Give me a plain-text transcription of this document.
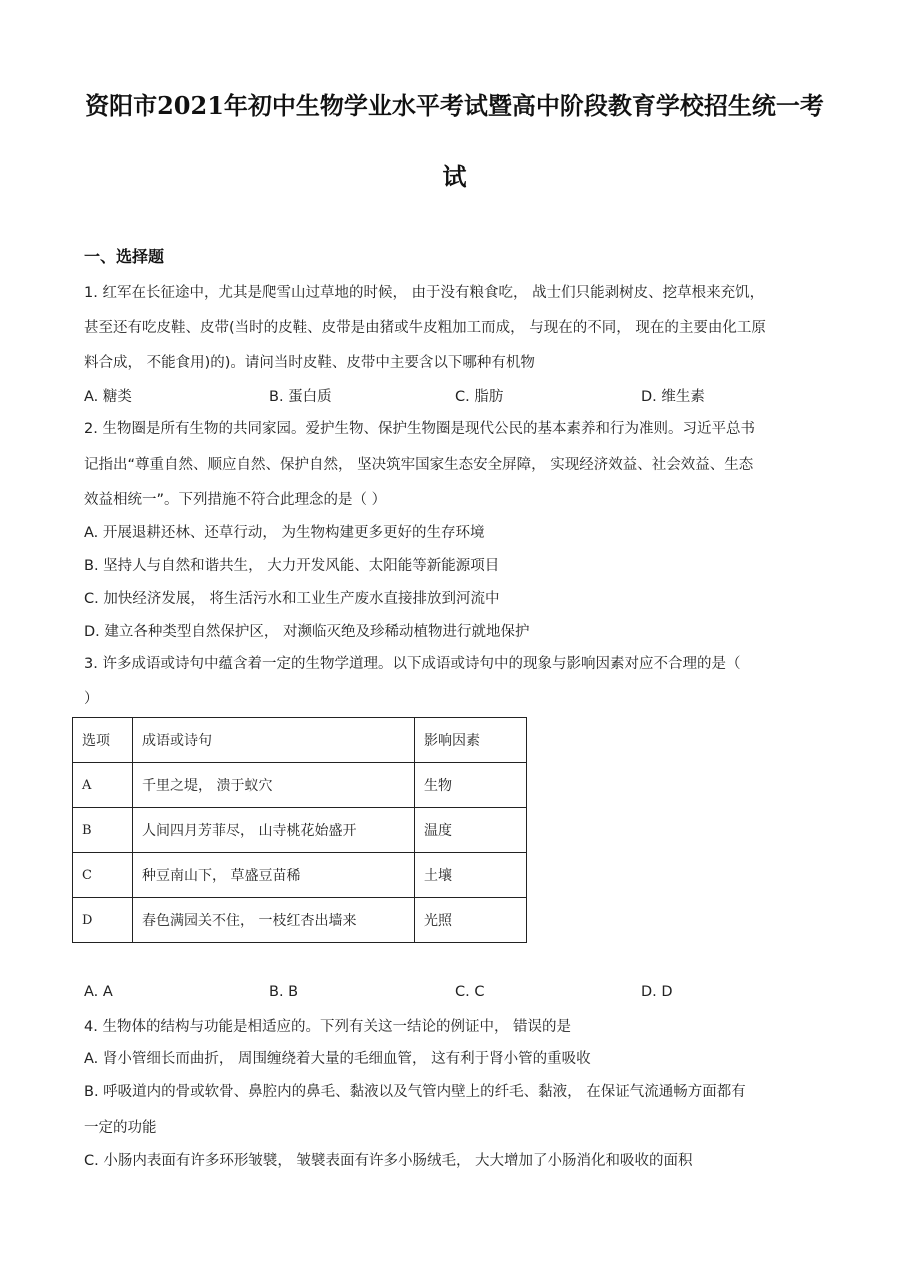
资阳市2021年初中生物学业水平考试暨高中阶段教育学校招生统一考
试
一、选择题
1. 红军在长征途中，尤其是爬雪山过草地的时候， 由于没有粮食吃， 战士们只能剥树皮、挖草根来充饥，
甚至还有吃皮鞋、皮带(当时的皮鞋、皮带是由猪或牛皮粗加工而成， 与现在的不同， 现在的主要由化工原
料合成， 不能食用)的)。请问当时皮鞋、皮带中主要含以下哪种有机物
A. 糖类	B. 蛋白质	C. 脂肪	D. 维生素
2. 生物圈是所有生物的共同家园。爱护生物、保护生物圈是现代公民的基本素养和行为准则。习近平总书
记指出“尊重自然、顺应自然、保护自然， 坚决筑牢国家生态安全屏障， 实现经济效益、社会效益、生态
效益相统一”。下列措施不符合此理念的是（ ）
A. 开展退耕还林、还草行动， 为生物构建更多更好的生存环境
B. 坚持人与自然和谐共生， 大力开发风能、太阳能等新能源项目
C. 加快经济发展， 将生活污水和工业生产废水直接排放到河流中
D. 建立各种类型自然保护区， 对濒临灭绝及珍稀动植物进行就地保护
3. 许多成语或诗句中蕴含着一定的生物学道理。以下成语或诗句中的现象与影响因素对应不合理的是（
）
选项	成语或诗句	影响因素
A	千里之堤， 溃于蚁穴	生物
B	人间四月芳菲尽， 山寺桃花始盛开	温度
C	种豆南山下， 草盛豆苗稀	土壤
D	春色满园关不住， 一枝红杏出墙来	光照
A. A	B. B	C. C	D. D
4. 生物体的结构与功能是相适应的。下列有关这一结论的例证中， 错误的是
A. 肾小管细长而曲折， 周围缠绕着大量的毛细血管， 这有利于肾小管的重吸收
B. 呼吸道内的骨或软骨、鼻腔内的鼻毛、黏液以及气管内壁上的纤毛、黏液， 在保证气流通畅方面都有
一定的功能
C. 小肠内表面有许多环形皱襞， 皱襞表面有许多小肠绒毛， 大大增加了小肠消化和吸收的面积
